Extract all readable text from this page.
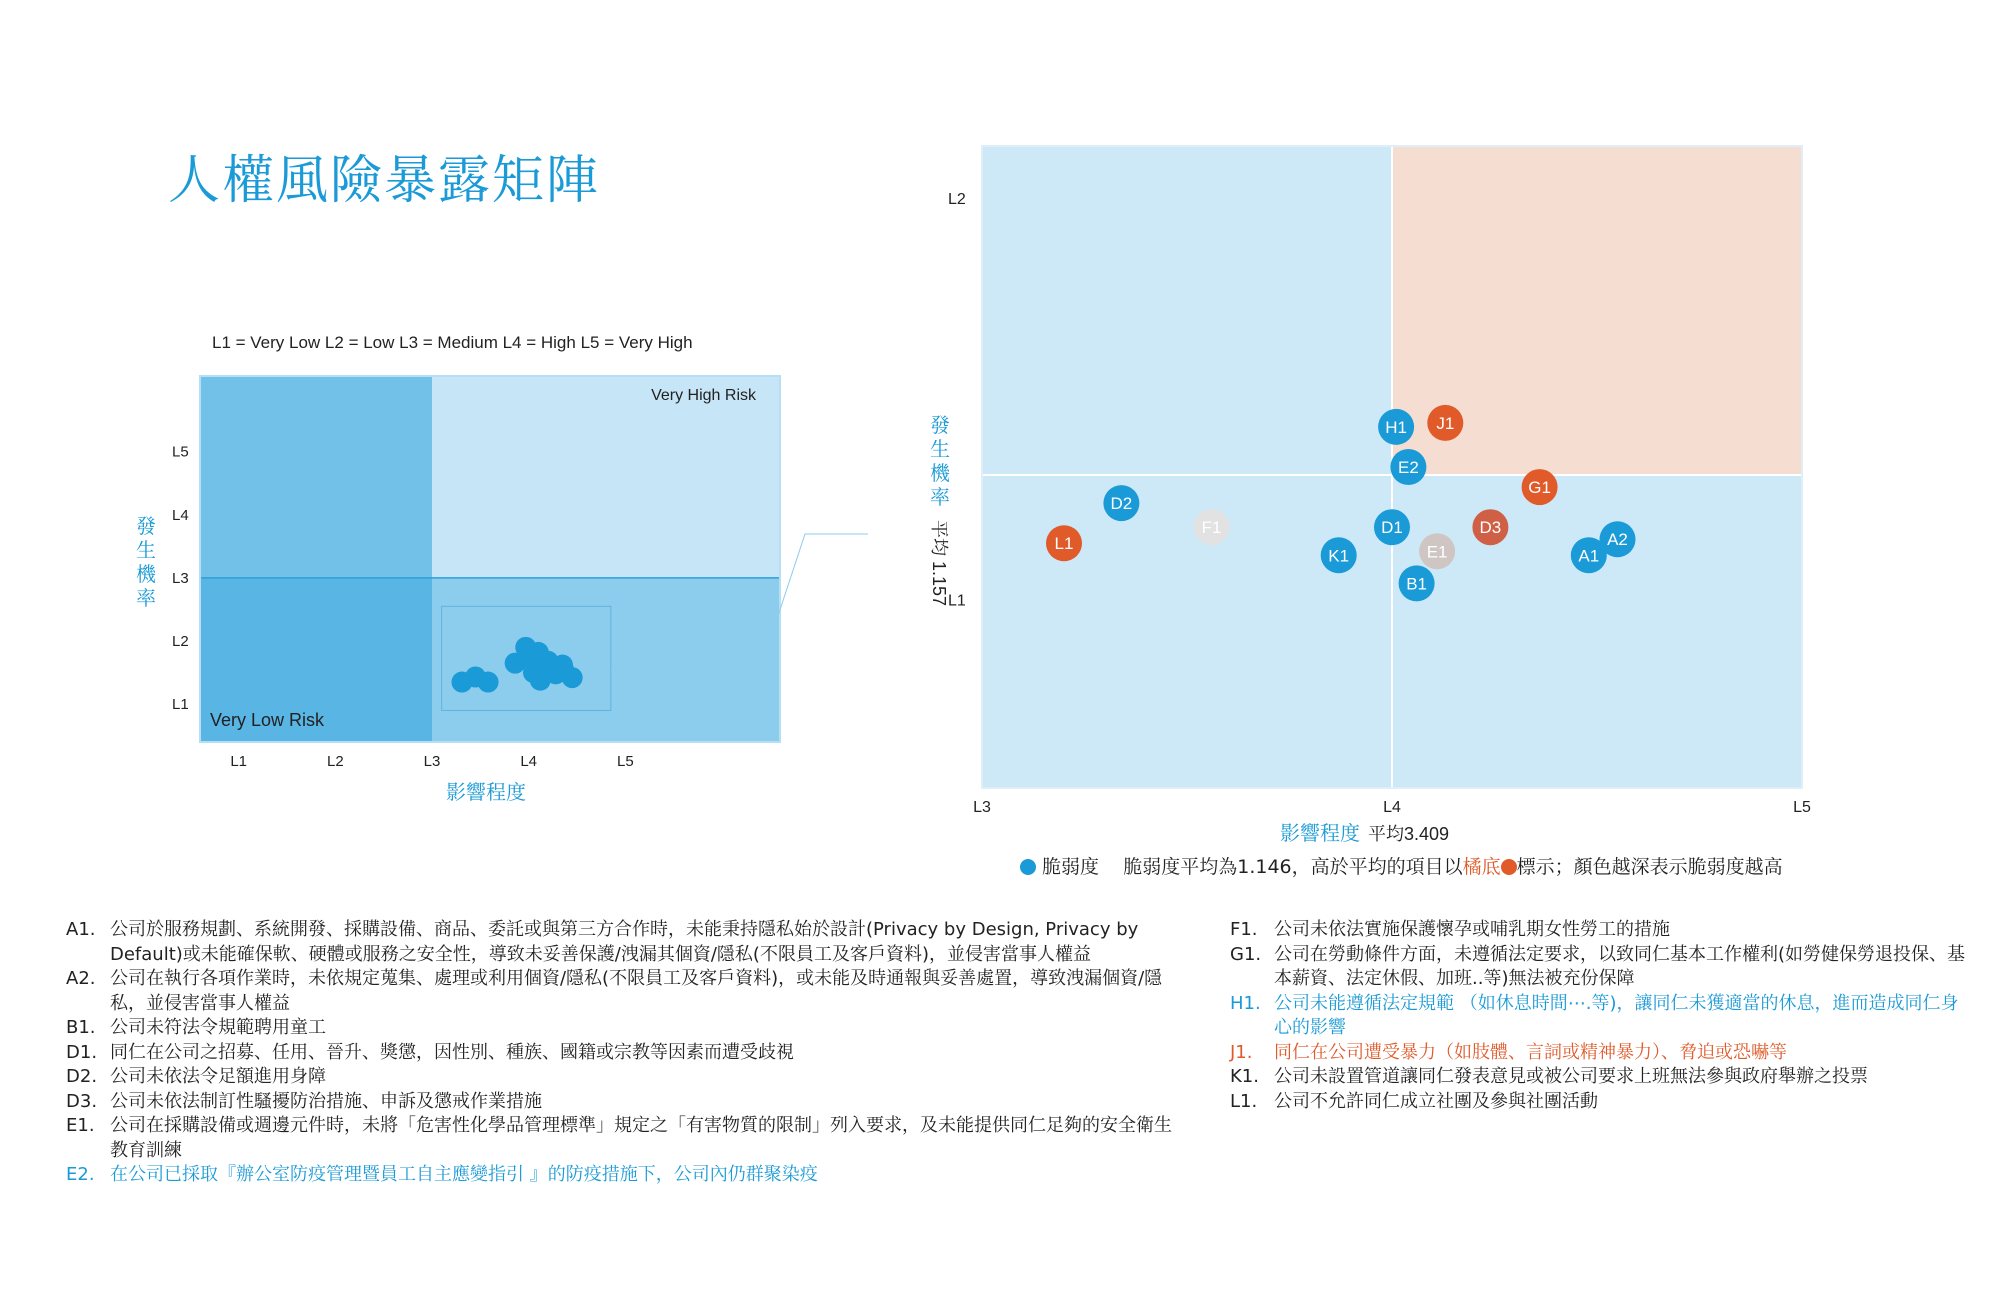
人權風險暴露矩陣
L1 = Very Low L2 = Low L3 = Medium L4 = High L5 = Very High
Very High Risk
Very Low Risk
L1	L2	L3	L4	L5
L1
L2
L3
L4
L5
發生機率
影響程度
L3	L4	L5
L1
L2
A1
A2
B1
D1
D2
D3
E1
E2
F1
G1
H1 J1
K1
L1
發生機率
平均 1.157
影響程度 平均3.409
脆弱度 脆弱度平均為1.146，高於平均的項目以橘底 標示；顏色越深表示脆弱度越高
A1. 公司於服務規劃、系統開發、採購設備、商品、委託或與第三方合作時，未能秉持隱私始於設計(Privacy by Design, Privacy by Default)或未能確保軟、硬體或服務之安全性，導致未妥善保護/洩漏其個資/隱私(不限員工及客戶資料)，並侵害當事人權益
A2. 公司在執行各項作業時，未依規定蒐集、處理或利用個資/隱私(不限員工及客戶資料)，或未能及時通報與妥善處置，導致洩漏個資/隱私，並侵害當事人權益
B1. 公司未符法令規範聘用童工
D1. 同仁在公司之招募、任用、晉升、獎懲，因性別、種族、國籍或宗教等因素而遭受歧視
D2. 公司未依法令足額進用身障
D3. 公司未依法制訂性騷擾防治措施、申訴及懲戒作業措施
E1. 公司在採購設備或週邊元件時，未將「危害性化學品管理標準」規定之「有害物質的限制」列入要求，及未能提供同仁足夠的安全衛生教育訓練
E2. 在公司已採取『辦公室防疫管理暨員工自主應變指引 』的防疫措施下，公司內仍群聚染疫
F1. 公司未依法實施保護懷孕或哺乳期女性勞工的措施
G1. 公司在勞動條件方面，未遵循法定要求，以致同仁基本工作權利(如勞健保勞退投保、基本薪資、法定休假、加班..等)無法被充份保障
H1. 公司未能遵循法定規範 （如休息時間⋯.等)，讓同仁未獲適當的休息，進而造成同仁身心的影響
J1.	同仁在公司遭受暴力（如肢體、言詞或精神暴力）、脅迫或恐嚇等
K1. 公司未設置管道讓同仁發表意見或被公司要求上班無法參與政府舉辦之投票
L1. 公司不允許同仁成立社團及參與社團活動
